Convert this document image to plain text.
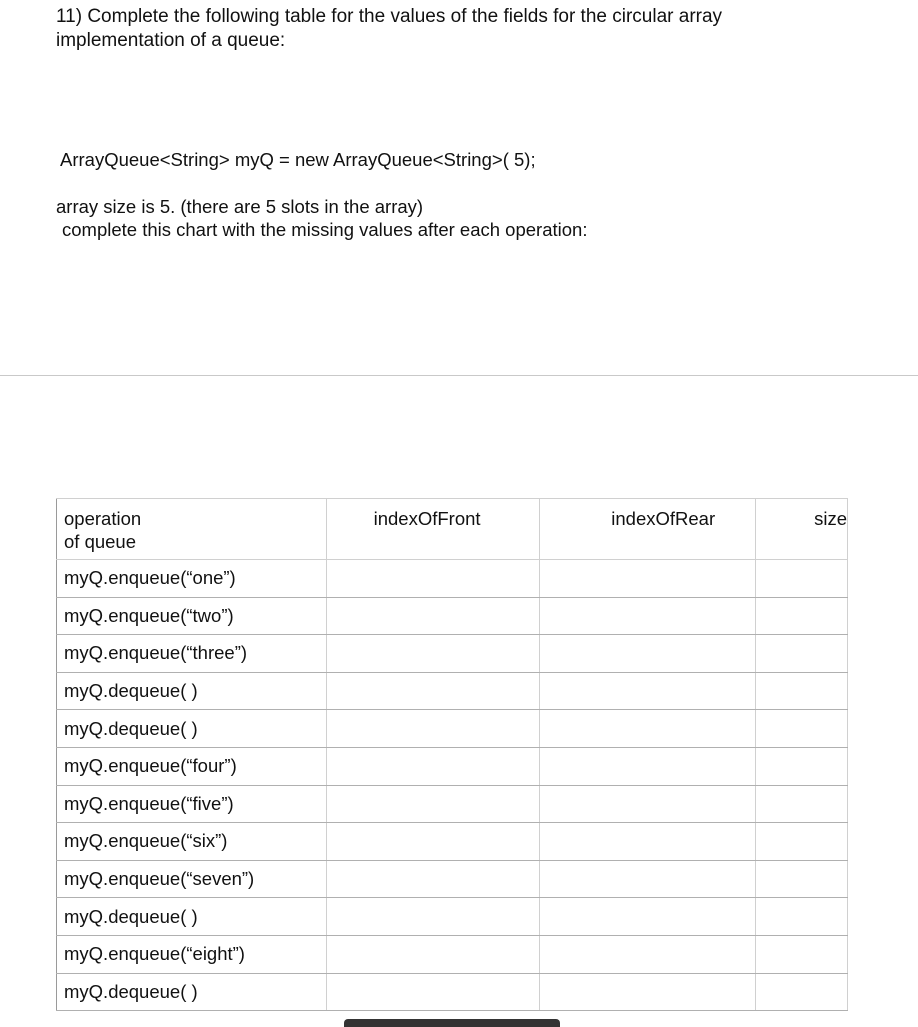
11) Complete the following table for the values of the fields for the circular array implementation of a queue:
ArrayQueue<String> myQ = new ArrayQueue<String>( 5);
array size is 5. (there are 5 slots in the array)
complete this chart with the missing values after each operation:
operation
of queue	indexOfFront	indexOfRear	size
myQ.enqueue(“one”)			
myQ.enqueue(“two”)			
myQ.enqueue(“three”)			
myQ.dequeue( )			
myQ.dequeue( )			
myQ.enqueue(“four”)			
myQ.enqueue(“five”)			
myQ.enqueue(“six”)			
myQ.enqueue(“seven”)			
myQ.dequeue( )			
myQ.enqueue(“eight”)			
myQ.dequeue( )			
